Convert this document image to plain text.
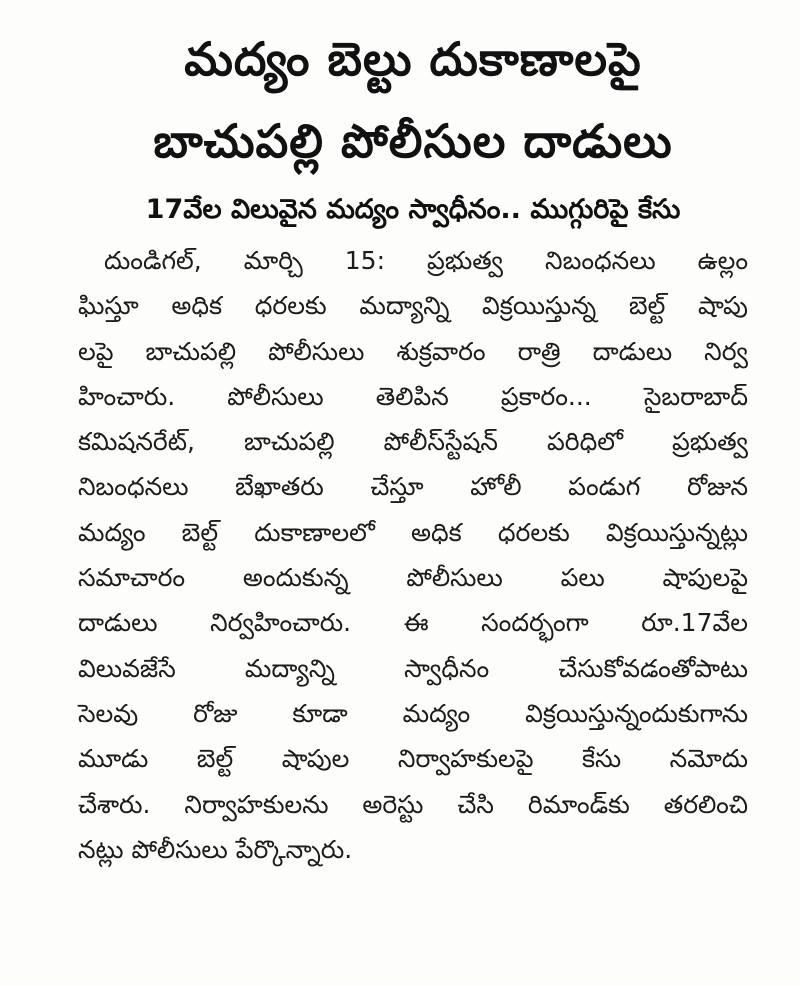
మద్యం బెల్టు దుకాణాలపై
బాచుపల్లి పోలీసుల దాడులు
17వేల విలువైన మద్యం స్వాధీనం.. ముగ్గురిపై కేసు
దుండిగల్, మార్చి 15: ప్రభుత్వ నిబంధనలు ఉల్లం
ఘిస్తూ అధిక ధరలకు మద్యాన్ని విక్రయిస్తున్న బెల్ట్ షాపు
లపై బాచుపల్లి పోలీసులు శుక్రవారం రాత్రి దాడులు నిర్వ
హించారు. పోలీసులు తెలిపిన ప్రకారం... సైబరాబాద్
కమిషనరేట్, బాచుపల్లి పోలీస్‌స్టేషన్ పరిధిలో ప్రభుత్వ
నిబంధనలు బేఖాతరు చేస్తూ హోలీ పండుగ రోజున
మద్యం బెల్ట్ దుకాణాలలో అధిక ధరలకు విక్రయిస్తున్నట్లు
సమాచారం అందుకున్న పోలీసులు పలు షాపులపై
దాడులు నిర్వహించారు. ఈ సందర్భంగా రూ.17వేల
విలువజేసే మద్యాన్ని స్వాధీనం చేసుకోవడంతోపాటు
సెలవు రోజు కూడా మద్యం విక్రయిస్తున్నందుకుగాను
మూడు బెల్ట్ షాపుల నిర్వాహకులపై కేసు నమోదు
చేశారు. నిర్వాహకులను అరెస్టు చేసి రిమాండ్‌కు తరలించి
నట్లు పోలీసులు పేర్కొన్నారు.
